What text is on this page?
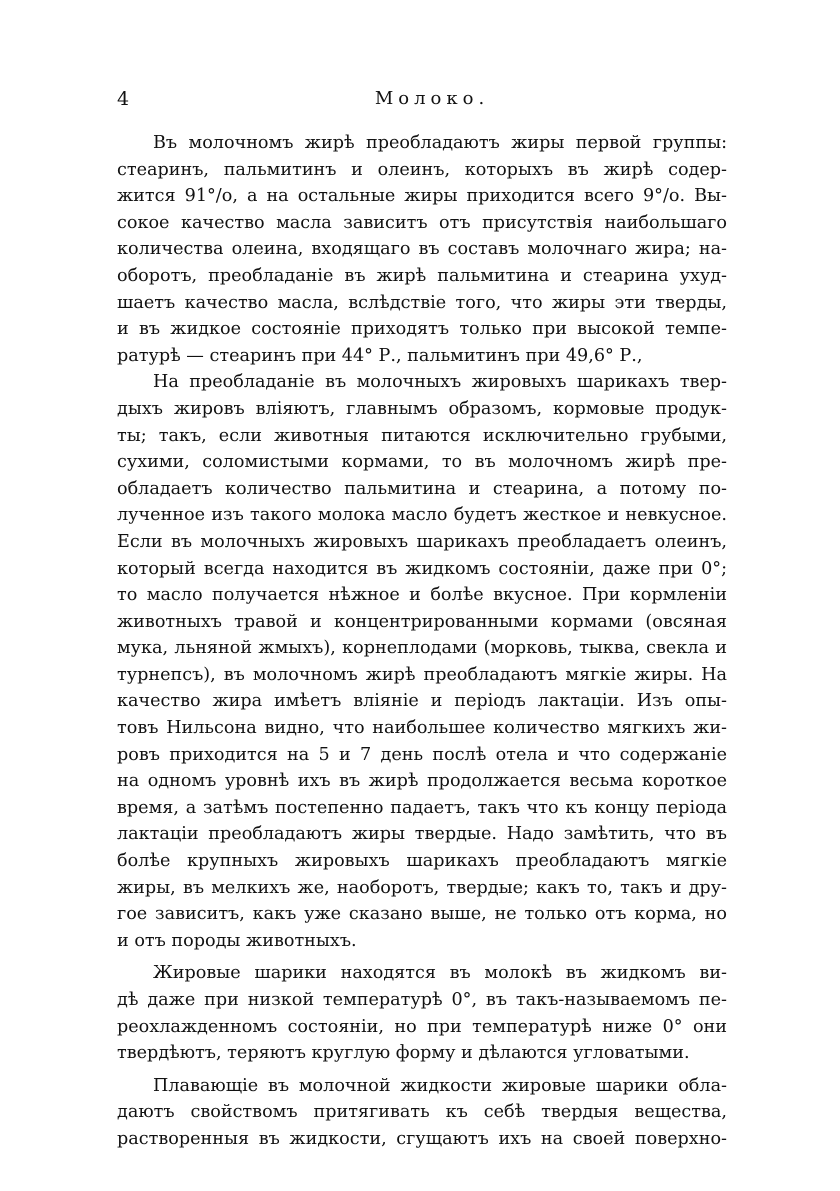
4	Молоко.

Въ молочномъ жирѣ преобладаютъ жиры первой группы:
стеаринъ, пальмитинъ и олеинъ, которыхъ въ жирѣ содер-
жится 91°/о, а на остальные жиры приходится всего 9°/о. Вы-
сокое качество масла зависитъ отъ присутствія наибольшаго
количества олеина, входящаго въ составъ молочнаго жира; на-
оборотъ, преобладаніе въ жирѣ пальмитина и стеарина ухуд-
шаетъ качество масла, вслѣдствіе того, что жиры эти тверды,
и въ жидкое состояніе приходятъ только при высокой темпе-
ратурѣ — стеаринъ при 44° Р., пальмитинъ при 49,6° Р.,

На преобладаніе въ молочныхъ жировыхъ шарикахъ твер-
дыхъ жировъ вліяютъ, главнымъ образомъ, кормовые продук-
ты; такъ, если животныя питаются исключительно грубыми,
сухими, соломистыми кормами, то въ молочномъ жирѣ пре-
обладаетъ количество пальмитина и стеарина, а потому по-
лученное изъ такого молока масло будетъ жесткое и невкусное.
Если въ молочныхъ жировыхъ шарикахъ преобладаетъ олеинъ,
который всегда находится въ жидкомъ состояніи, даже при 0°;
то масло получается нѣжное и болѣе вкусное. При кормленіи
животныхъ травой и концентрированными кормами (овсяная
мука, льняной жмыхъ), корнеплодами (морковь, тыква, свекла и
турнепсъ), въ молочномъ жирѣ преобладаютъ мягкіе жиры. На
качество жира имѣетъ вліяніе и періодъ лактаціи. Изъ опы-
товъ Нильсона видно, что наибольшее количество мягкихъ жи-
ровъ приходится на 5 и 7 день послѣ отела и что содержаніе
на одномъ уровнѣ ихъ въ жирѣ продолжается весьма короткое
время, а затѣмъ постепенно падаетъ, такъ что къ концу періода
лактаціи преобладаютъ жиры твердые. Надо замѣтить, что въ
болѣе крупныхъ жировыхъ шарикахъ преобладаютъ мягкіе
жиры, въ мелкихъ же, наоборотъ, твердые; какъ то, такъ и дру-
гое зависитъ, какъ уже сказано выше, не только отъ корма, но
и отъ породы животныхъ.

Жировые шарики находятся въ молокѣ въ жидкомъ ви-
дѣ даже при низкой температурѣ 0°, въ такъ-называемомъ пе-
реохлажденномъ состояніи, но при температурѣ ниже 0° они
твердѣютъ, теряютъ круглую форму и дѣлаются угловатыми.

Плавающіе въ молочной жидкости жировые шарики обла-
даютъ свойствомъ притягивать къ себѣ твердыя вещества,
растворенныя въ жидкости, сгущаютъ ихъ на своей поверхно-
